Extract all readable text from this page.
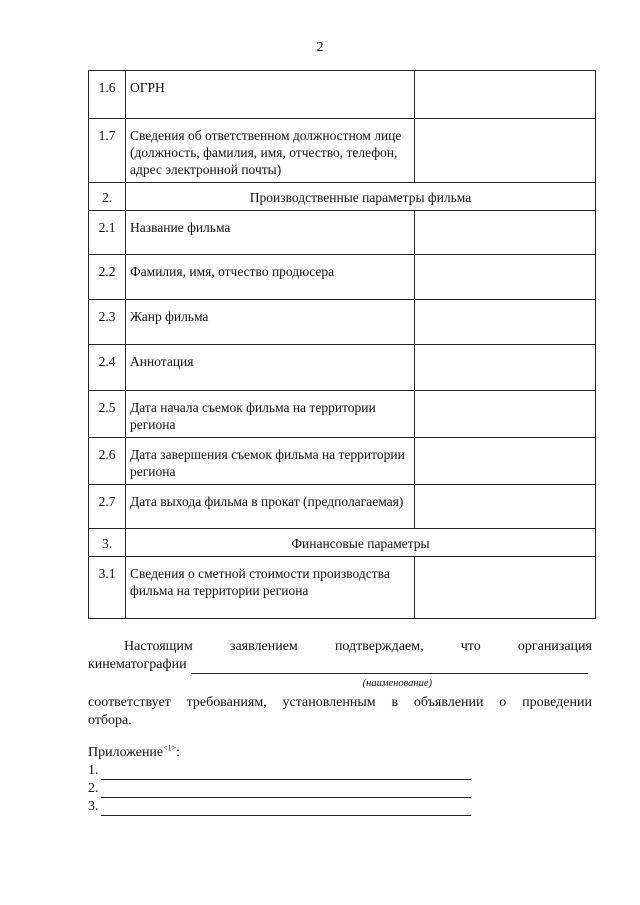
2
1.6	ОГРН	
1.7	Сведения об ответственном должностном лице (должность, фамилия, имя, отчество, телефон, адрес электронной почты)	
2.	Производственные параметры фильма	
2.1	Название фильма	
2.2	Фамилия, имя, отчество продюсера	
2.3	Жанр фильма	
2.4	Аннотация	
2.5	Дата начала съемок фильма на территории региона	
2.6	Дата завершения съемок фильма на территории региона	
2.7	Дата выхода фильма в прокат (предполагаемая)	
3.	Финансовые параметры	
3.1	Сведения о сметной стоимости производства фильма на территории региона	
Настоящим	заявлением	подтверждаем,	что	организация
кинематографии
(наименование)
соответствует требованиям, установленным в объявлении о проведении
отбора.
Приложение$^{<1>}$:
1.
2.
3.
